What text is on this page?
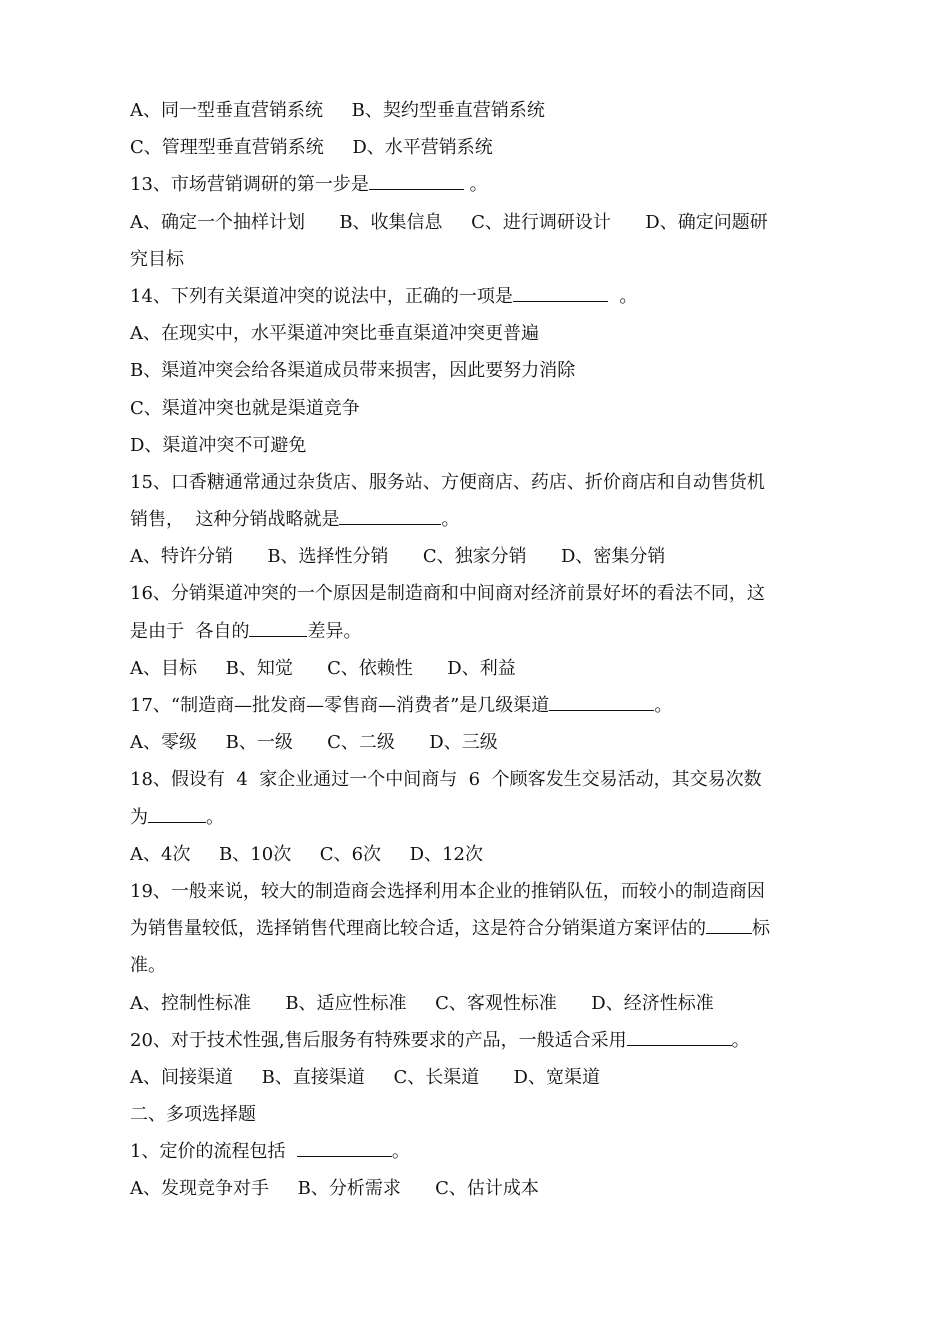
A、同一型垂直营销系统     B、契约型垂直营销系统
C、管理型垂直营销系统     D、水平营销系统
13、市场营销调研的第一步是	。
A、确定一个抽样计划      B、收集信息     C、进行调研设计      D、确定问题研
究目标
14、下列有关渠道冲突的说法中，正确的一项是	。
A、在现实中，水平渠道冲突比垂直渠道冲突更普遍
B、渠道冲突会给各渠道成员带来损害，因此要努力消除
C、渠道冲突也就是渠道竞争
D、渠道冲突不可避免
15、口香糖通常通过杂货店、服务站、方便商店、药店、折价商店和自动售货机
销售，  这种分销战略就是	。
A、特许分销      B、选择性分销      C、独家分销      D、密集分销
16、分销渠道冲突的一个原因是制造商和中间商对经济前景好坏的看法不同，这
是由于  各自的	差异。
A、目标     B、知觉      C、依赖性      D、利益
17、“制造商—批发商—零售商—消费者”是几级渠道	。
A、零级     B、一级      C、二级      D、三级
18、假设有  4  家企业通过一个中间商与  6  个顾客发生交易活动，其交易次数
为	。
A、4次     B、10次     C、6次     D、12次
19、一般来说，较大的制造商会选择利用本企业的推销队伍，而较小的制造商因
为销售量较低，选择销售代理商比较合适，这是符合分销渠道方案评估的	标
准。
A、控制性标准      B、适应性标准     C、客观性标准      D、经济性标准
20、对于技术性强,售后服务有特殊要求的产品，一般适合采用	。
A、间接渠道     B、直接渠道     C、长渠道      D、宽渠道
二、多项选择题
1、定价的流程包括	。
A、发现竞争对手     B、分析需求      C、估计成本
